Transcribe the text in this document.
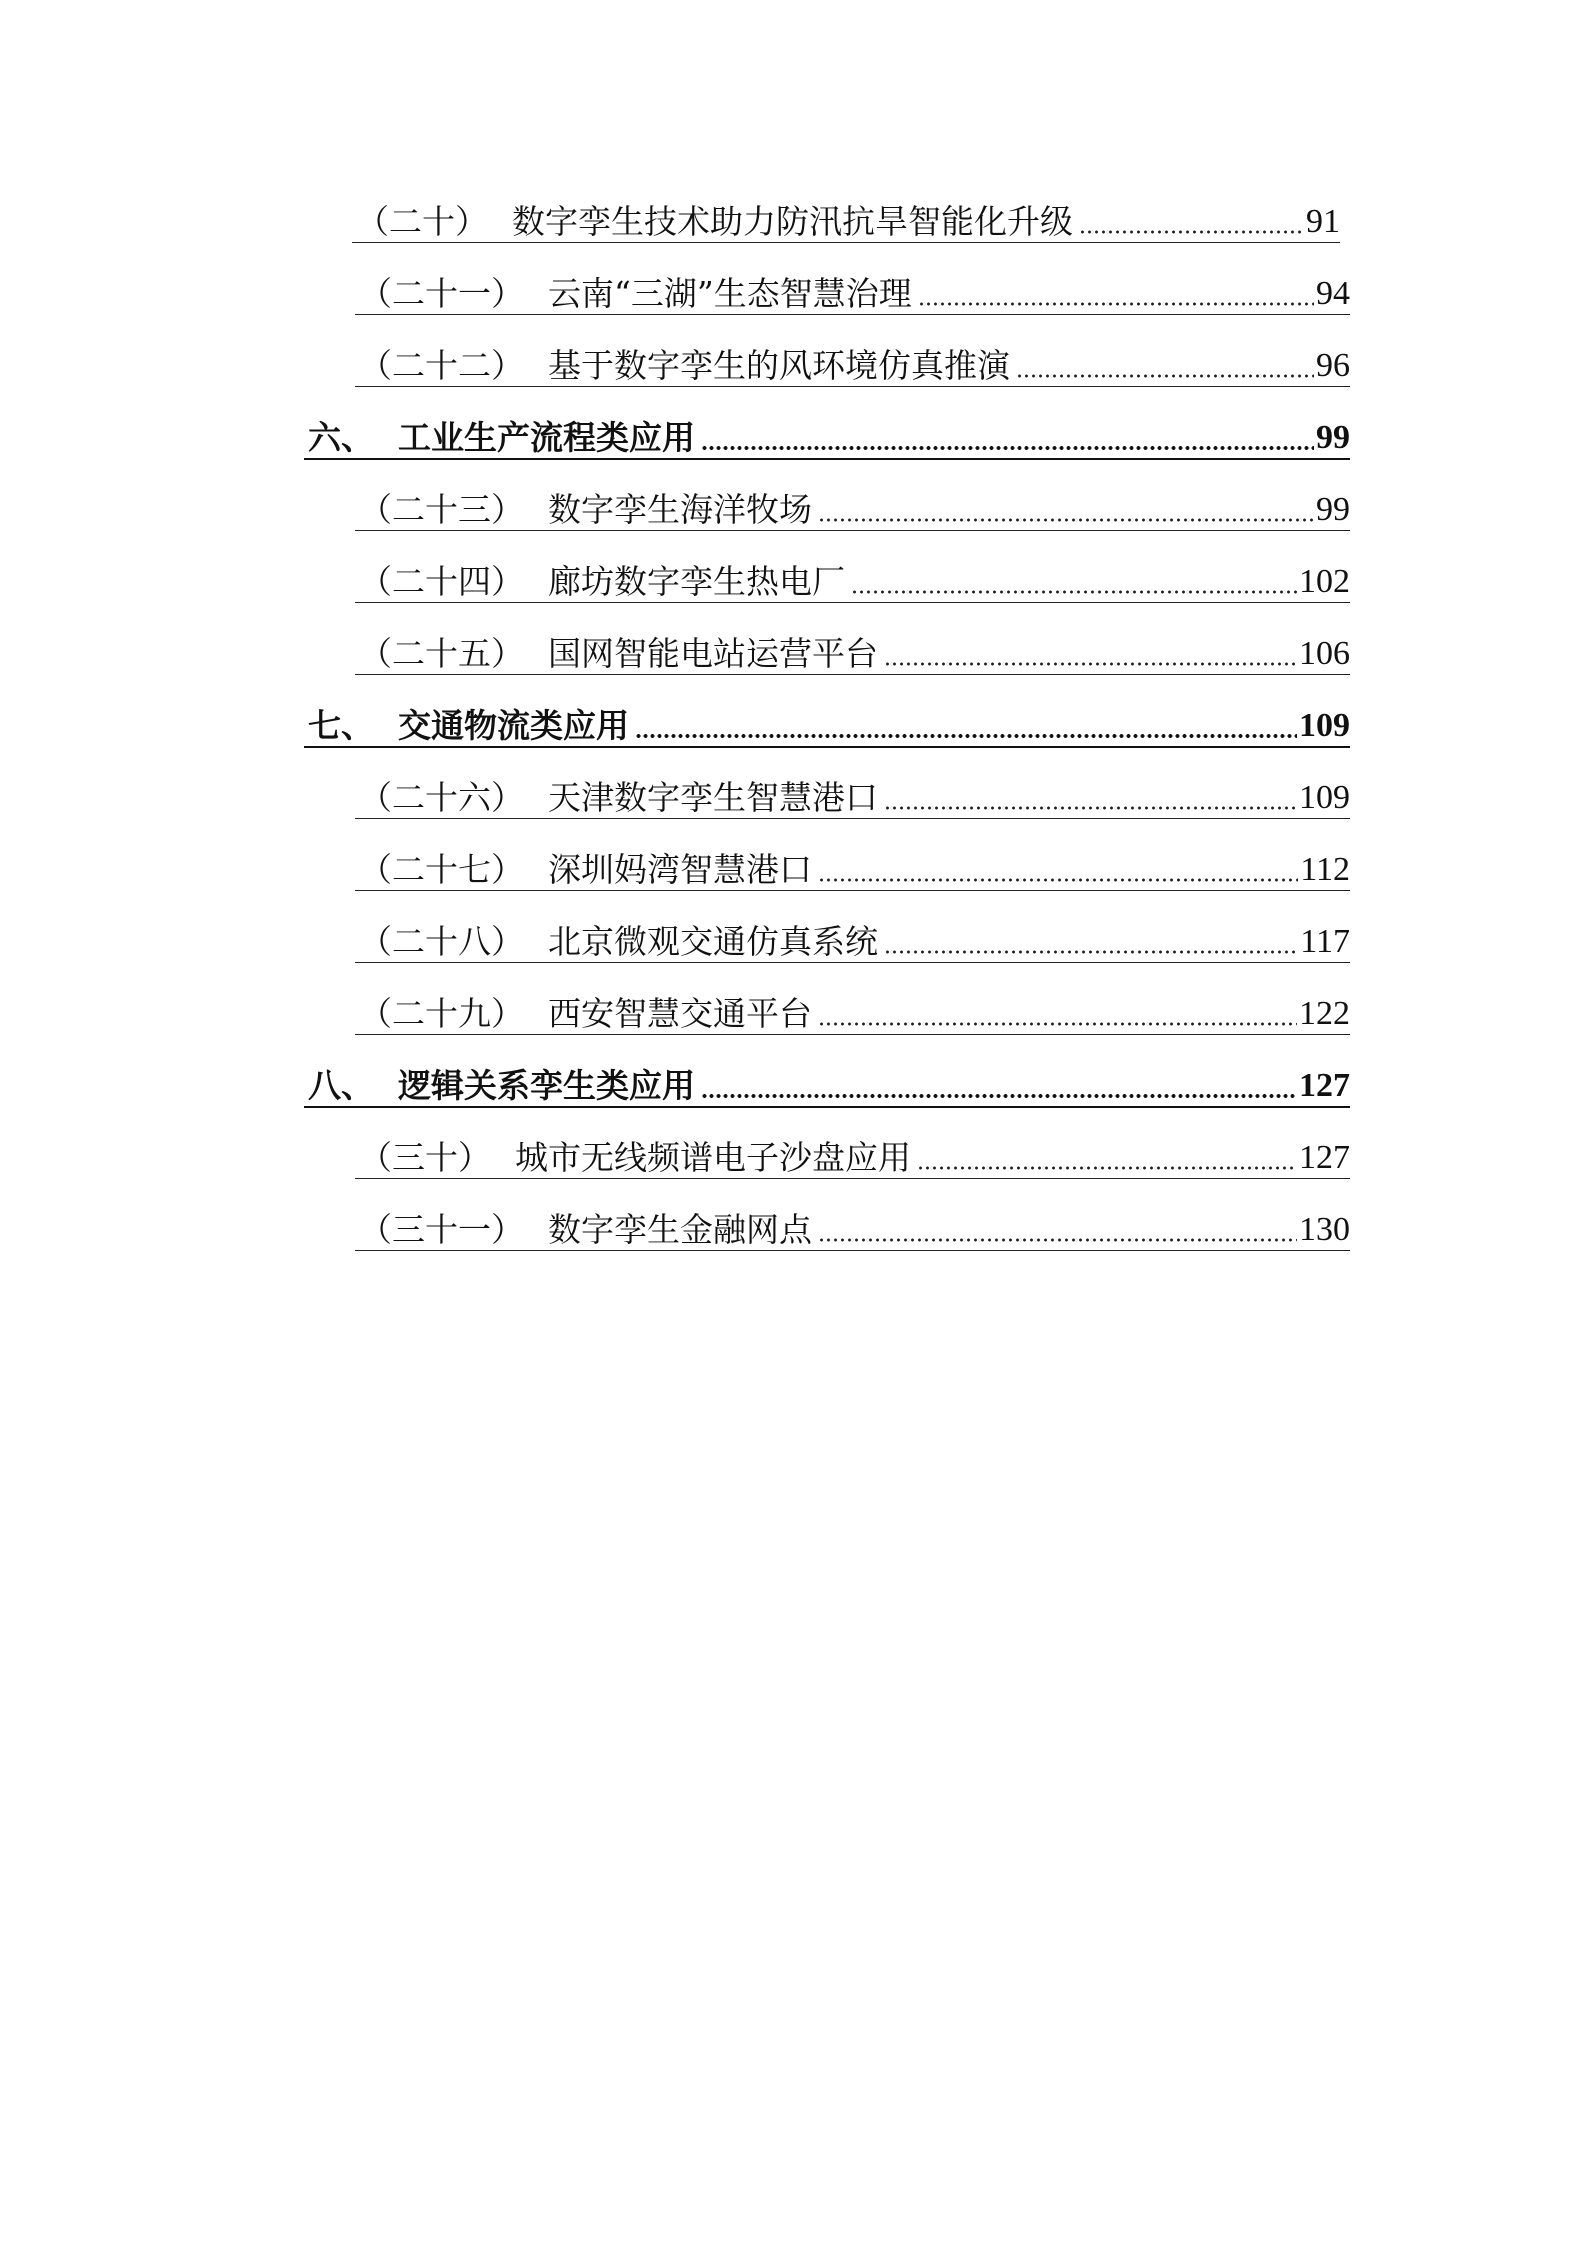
（二十） 数字孪生技术助力防汛抗旱智能化升级	91
（二十一） 云南“三湖”生态智慧治理	94
（二十二） 基于数字孪生的风环境仿真推演	96
六、 工业生产流程类应用	99
（二十三） 数字孪生海洋牧场	99
（二十四） 廊坊数字孪生热电厂	102
（二十五） 国网智能电站运营平台	106
七、 交通物流类应用	109
（二十六） 天津数字孪生智慧港口	109
（二十七） 深圳妈湾智慧港口	112
（二十八） 北京微观交通仿真系统	117
（二十九） 西安智慧交通平台	122
八、 逻辑关系孪生类应用	127
（三十） 城市无线频谱电子沙盘应用	127
（三十一） 数字孪生金融网点	130
